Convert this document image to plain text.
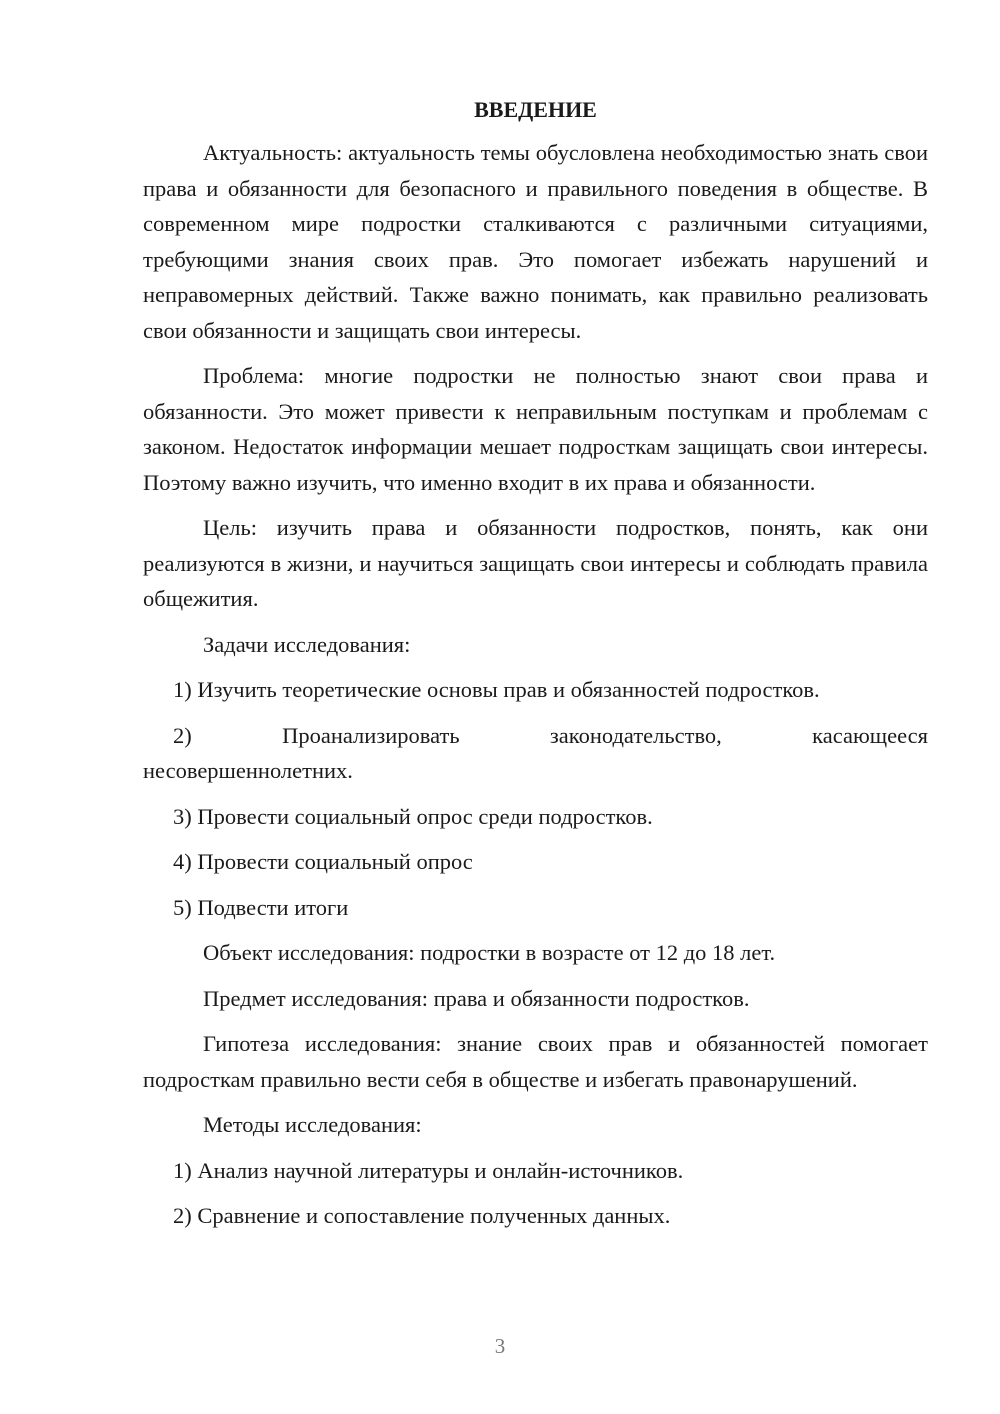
ВВЕДЕНИЕ

Актуальность: актуальность темы обусловлена необходимостью знать свои права и обязанности для безопасного и правильного поведения в обществе. В современном мире подростки сталкиваются с различными ситуациями, требующими знания своих прав. Это помогает избежать нарушений и неправомерных действий. Также важно понимать, как правильно реализовать свои обязанности и защищать свои интересы.

Проблема: многие подростки не полностью знают свои права и обязанности. Это может привести к неправильным поступкам и проблемам с законом. Недостаток информации мешает подросткам защищать свои интересы. Поэтому важно изучить, что именно входит в их права и обязанности.

Цель: изучить права и обязанности подростков, понять, как они реализуются в жизни, и научиться защищать свои интересы и соблюдать правила общежития.

Задачи исследования:

1) Изучить теоретические основы прав и обязанностей подростков.

2)	Проанализировать	законодательство,	касающееся
несовершеннолетних.

3) Провести социальный опрос среди подростков.

4) Провести социальный опрос

5) Подвести итоги

Объект исследования: подростки в возрасте от 12 до 18 лет.

Предмет исследования: права и обязанности подростков.

Гипотеза исследования: знание своих прав и обязанностей помогает подросткам правильно вести себя в обществе и избегать правонарушений.

Методы исследования:

1) Анализ научной литературы и онлайн-источников.

2) Сравнение и сопоставление полученных данных.

3
